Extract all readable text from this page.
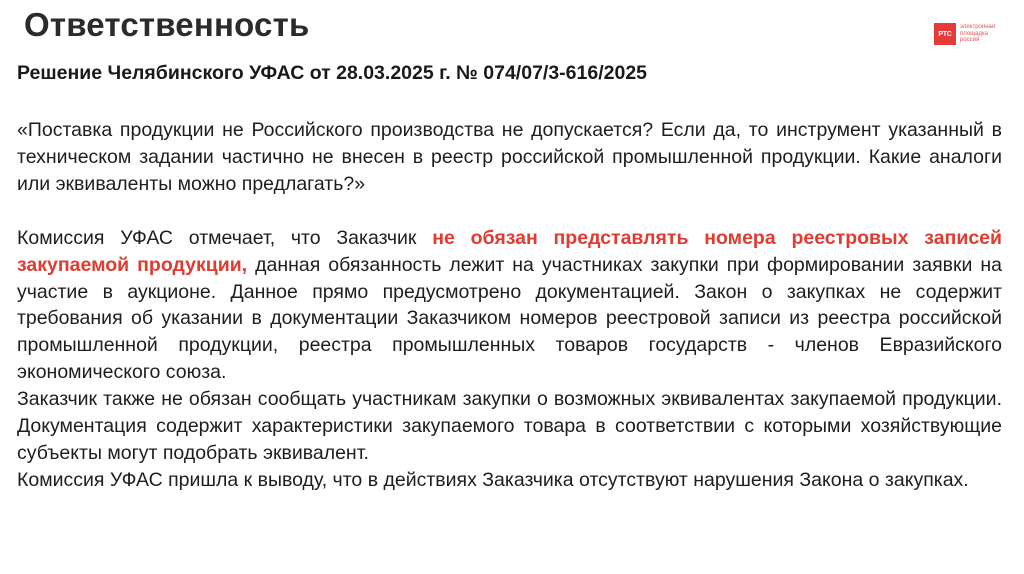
Ответственность	РТС
электронная
площадка
россия
Решение Челябинского УФАС от 28.03.2025 г. № 074/07/3-616/2025

«Поставка продукции не Российского производства не допускается? Если да, то инструмент указанный в техническом задании частично не внесен в реестр российской промышленной продукции. Какие аналоги или эквиваленты можно предлагать?»

Комиссия УФАС отмечает, что Заказчик не обязан представлять номера реестровых записей закупаемой продукции, данная обязанность лежит на участниках закупки при формировании заявки на участие в аукционе. Данное прямо предусмотрено документацией. Закон о закупках не содержит требования об указании в документации Заказчиком номеров реестровой записи из реестра российской промышленной продукции, реестра промышленных товаров государств - членов Евразийского экономического союза.

Заказчик также не обязан сообщать участникам закупки о возможных эквивалентах закупаемой продукции. Документация содержит характеристики закупаемого товара в соответствии с которыми хозяйствующие субъекты могут подобрать эквивалент.

Комиссия УФАС пришла к выводу, что в действиях Заказчика отсутствуют нарушения Закона о закупках.
